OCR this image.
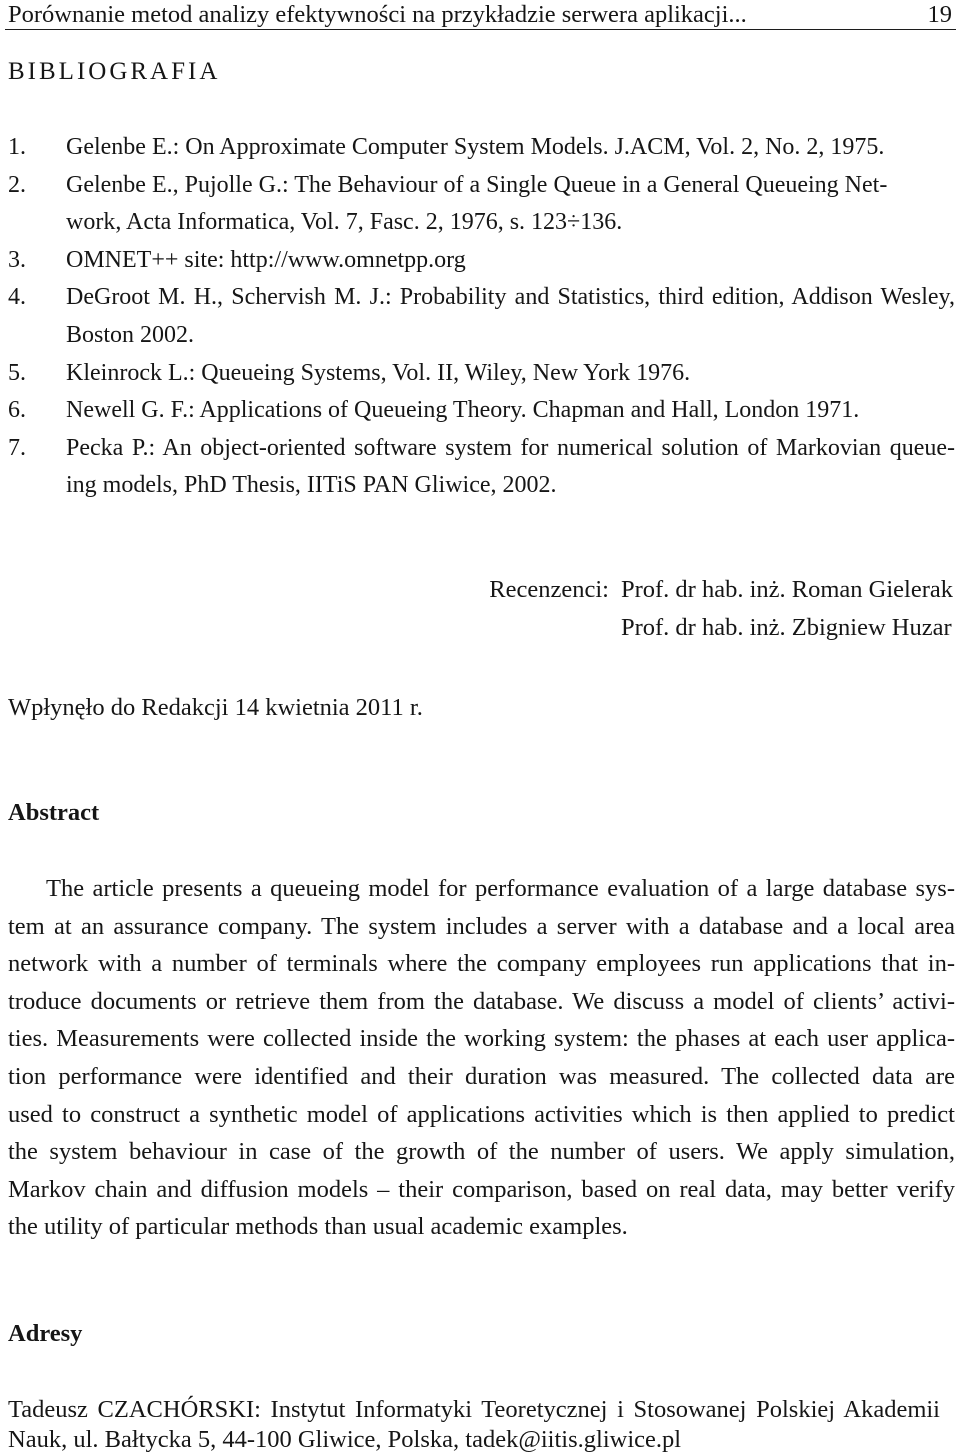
Porównanie metod analizy efektywności na przykładzie serwera aplikacji...	19
BIBLIOGRAFIA
1.	Gelenbe E.: On Approximate Computer System Models. J.ACM, Vol. 2, No. 2, 1975.
2.	Gelenbe E., Pujolle G.: The Behaviour of a Single Queue in a General Queueing Net-
work, Acta Informatica, Vol. 7, Fasc. 2, 1976, s. 123÷136.
3.	OMNET++ site: http://www.omnetpp.org
4.	DeGroot M. H., Schervish M. J.: Probability and Statistics, third edition, Addison Wesley,
Boston 2002.
5.	Kleinrock L.: Queueing Systems, Vol. II, Wiley, New York 1976.
6.	Newell G. F.: Applications of Queueing Theory. Chapman and Hall, London 1971.
7.	Pecka P.: An object-oriented software system for numerical solution of Markovian queue-
ing models, PhD Thesis, IITiS PAN Gliwice, 2002.
Recenzenci: Prof. dr hab. inż. Roman Gielerak
Prof. dr hab. inż. Zbigniew Huzar
Wpłynęło do Redakcji 14 kwietnia 2011 r.
Abstract
The article presents a queueing model for performance evaluation of a large database sys-
tem at an assurance company. The system includes a server with a database and a local area
network with a number of terminals where the company employees run applications that in-
troduce documents or retrieve them from the database. We discuss a model of clients’ activi-
ties. Measurements were collected inside the working system: the phases at each user applica-
tion performance were identified and their duration was measured. The collected data are
used to construct a synthetic model of applications activities which is then applied to predict
the system behaviour in case of the growth of the number of users. We apply simulation,
Markov chain and diffusion models – their comparison, based on real data, may better verify
the utility of particular methods than usual academic examples.
Adresy
Tadeusz CZACHÓRSKI: Instytut Informatyki Teoretycznej i Stosowanej Polskiej Akademii
Nauk, ul. Bałtycka 5, 44-100 Gliwice, Polska, tadek@iitis.gliwice.pl
